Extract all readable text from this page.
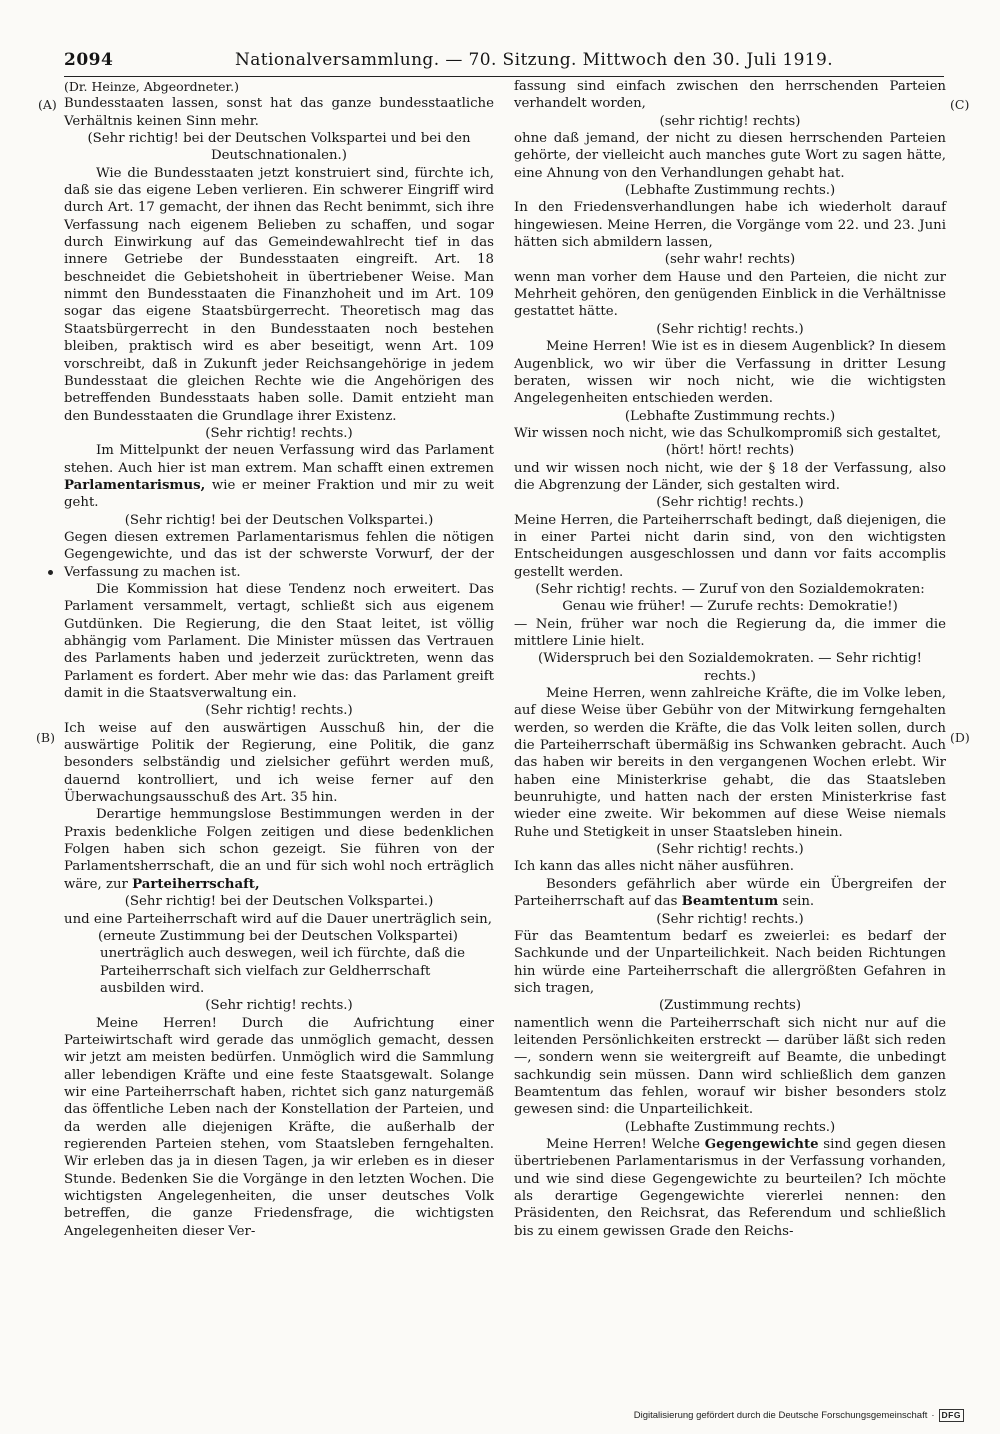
2094	Nationalversammlung. — 70. Sitzung. Mittwoch den 30. Juli 1919.
(A)
(B)
(C)
(D)

(Dr. Heinze, Abgeordneter.)

Bundesstaaten lassen, sonst hat das ganze bundesstaatliche Verhältnis keinen Sinn mehr.

(Sehr richtig! bei der Deutschen Volkspartei und bei den Deutschnationalen.)

Wie die Bundesstaaten jetzt konstruiert sind, fürchte ich, daß sie das eigene Leben verlieren. Ein schwerer Eingriff wird durch Art. 17 gemacht, der ihnen das Recht benimmt, sich ihre Verfassung nach eigenem Belieben zu schaffen, und sogar durch Einwirkung auf das Gemeindewahlrecht tief in das innere Getriebe der Bundesstaaten eingreift. Art. 18 beschneidet die Gebietshoheit in übertriebener Weise. Man nimmt den Bundesstaaten die Finanzhoheit und im Art. 109 sogar das eigene Staatsbürgerrecht. Theoretisch mag das Staatsbürgerrecht in den Bundesstaaten noch bestehen bleiben, praktisch wird es aber beseitigt, wenn Art. 109 vorschreibt, daß in Zukunft jeder Reichsangehörige in jedem Bundesstaat die gleichen Rechte wie die Angehörigen des betreffenden Bundesstaats haben solle. Damit entzieht man den Bundesstaaten die Grundlage ihrer Existenz.

(Sehr richtig! rechts.)

Im Mittelpunkt der neuen Verfassung wird das Parlament stehen. Auch hier ist man extrem. Man schafft einen extremen Parlamentarismus, wie er meiner Fraktion und mir zu weit geht.

(Sehr richtig! bei der Deutschen Volkspartei.)

Gegen diesen extremen Parlamentarismus fehlen die nötigen Gegengewichte, und das ist der schwerste Vorwurf, der der Verfassung zu machen ist.

Die Kommission hat diese Tendenz noch erweitert. Das Parlament versammelt, vertagt, schließt sich aus eigenem Gutdünken. Die Regierung, die den Staat leitet, ist völlig abhängig vom Parlament. Die Minister müssen das Vertrauen des Parlaments haben und jederzeit zurücktreten, wenn das Parlament es fordert. Aber mehr wie das: das Parlament greift damit in die Staatsverwaltung ein.

(Sehr richtig! rechts.)

Ich weise auf den auswärtigen Ausschuß hin, der die auswärtige Politik der Regierung, eine Politik, die ganz besonders selbständig und zielsicher geführt werden muß, dauernd kontrolliert, und ich weise ferner auf den Überwachungsausschuß des Art. 35 hin.

Derartige hemmungslose Bestimmungen werden in der Praxis bedenkliche Folgen zeitigen und diese bedenklichen Folgen haben sich schon gezeigt. Sie führen von der Parlamentsherrschaft, die an und für sich wohl noch erträglich wäre, zur Parteiherrschaft,

(Sehr richtig! bei der Deutschen Volkspartei.)

und eine Parteiherrschaft wird auf die Dauer unerträglich sein,

(erneute Zustimmung bei der Deutschen Volkspartei) unerträglich auch deswegen, weil ich fürchte, daß die Parteiherrschaft sich vielfach zur Geldherrschaft ausbilden wird.

(Sehr richtig! rechts.)

Meine Herren! Durch die Aufrichtung einer Parteiwirtschaft wird gerade das unmöglich gemacht, dessen wir jetzt am meisten bedürfen. Unmöglich wird die Sammlung aller lebendigen Kräfte und eine feste Staatsgewalt. Solange wir eine Parteiherrschaft haben, richtet sich ganz naturgemäß das öffentliche Leben nach der Konstellation der Parteien, und da werden alle diejenigen Kräfte, die außerhalb der regierenden Parteien stehen, vom Staatsleben ferngehalten. Wir erleben das ja in diesen Tagen, ja wir erleben es in dieser Stunde. Bedenken Sie die Vorgänge in den letzten Wochen. Die wichtigsten Angelegenheiten, die unser deutsches Volk betreffen, die ganze Friedensfrage, die wichtigsten Angelegenheiten dieser Ver-

fassung sind einfach zwischen den herrschenden Parteien verhandelt worden,

(sehr richtig! rechts)

ohne daß jemand, der nicht zu diesen herrschenden Parteien gehörte, der vielleicht auch manches gute Wort zu sagen hätte, eine Ahnung von den Verhandlungen gehabt hat.

(Lebhafte Zustimmung rechts.)

In den Friedensverhandlungen habe ich wiederholt darauf hingewiesen. Meine Herren, die Vorgänge vom 22. und 23. Juni hätten sich abmildern lassen,

(sehr wahr! rechts)

wenn man vorher dem Hause und den Parteien, die nicht zur Mehrheit gehören, den genügenden Einblick in die Verhältnisse gestattet hätte.

(Sehr richtig! rechts.)

Meine Herren! Wie ist es in diesem Augenblick? In diesem Augenblick, wo wir über die Verfassung in dritter Lesung beraten, wissen wir noch nicht, wie die wichtigsten Angelegenheiten entschieden werden.

(Lebhafte Zustimmung rechts.)

Wir wissen noch nicht, wie das Schulkompromiß sich gestaltet,

(hört! hört! rechts)

und wir wissen noch nicht, wie der § 18 der Verfassung, also die Abgrenzung der Länder, sich gestalten wird.

(Sehr richtig! rechts.)

Meine Herren, die Parteiherrschaft bedingt, daß diejenigen, die in einer Partei nicht darin sind, von den wichtigsten Entscheidungen ausgeschlossen und dann vor faits accomplis gestellt werden.

(Sehr richtig! rechts. — Zuruf von den Sozialdemokraten: Genau wie früher! — Zurufe rechts: Demokratie!)

— Nein, früher war noch die Regierung da, die immer die mittlere Linie hielt.

(Widerspruch bei den Sozialdemokraten. — Sehr richtig! rechts.)

Meine Herren, wenn zahlreiche Kräfte, die im Volke leben, auf diese Weise über Gebühr von der Mitwirkung ferngehalten werden, so werden die Kräfte, die das Volk leiten sollen, durch die Parteiherrschaft übermäßig ins Schwanken gebracht. Auch das haben wir bereits in den vergangenen Wochen erlebt. Wir haben eine Ministerkrise gehabt, die das Staatsleben beunruhigte, und hatten nach der ersten Ministerkrise fast wieder eine zweite. Wir bekommen auf diese Weise niemals Ruhe und Stetigkeit in unser Staatsleben hinein.

(Sehr richtig! rechts.)

Ich kann das alles nicht näher ausführen.

Besonders gefährlich aber würde ein Übergreifen der Parteiherrschaft auf das Beamtentum sein.

(Sehr richtig! rechts.)

Für das Beamtentum bedarf es zweierlei: es bedarf der Sachkunde und der Unparteilichkeit. Nach beiden Richtungen hin würde eine Parteiherrschaft die allergrößten Gefahren in sich tragen,

(Zustimmung rechts)

namentlich wenn die Parteiherrschaft sich nicht nur auf die leitenden Persönlichkeiten erstreckt — darüber läßt sich reden —, sondern wenn sie weitergreift auf Beamte, die unbedingt sachkundig sein müssen. Dann wird schließlich dem ganzen Beamtentum das fehlen, worauf wir bisher besonders stolz gewesen sind: die Unparteilichkeit.

(Lebhafte Zustimmung rechts.)

Meine Herren! Welche Gegengewichte sind gegen diesen übertriebenen Parlamentarismus in der Verfassung vorhanden, und wie sind diese Gegengewichte zu beurteilen? Ich möchte als derartige Gegengewichte viererlei nennen: den Präsidenten, den Reichsrat, das Referendum und schließlich bis zu einem gewissen Grade den Reichs-

Digitalisierung gefördert durch die Deutsche Forschungsgemeinschaft · DFG
